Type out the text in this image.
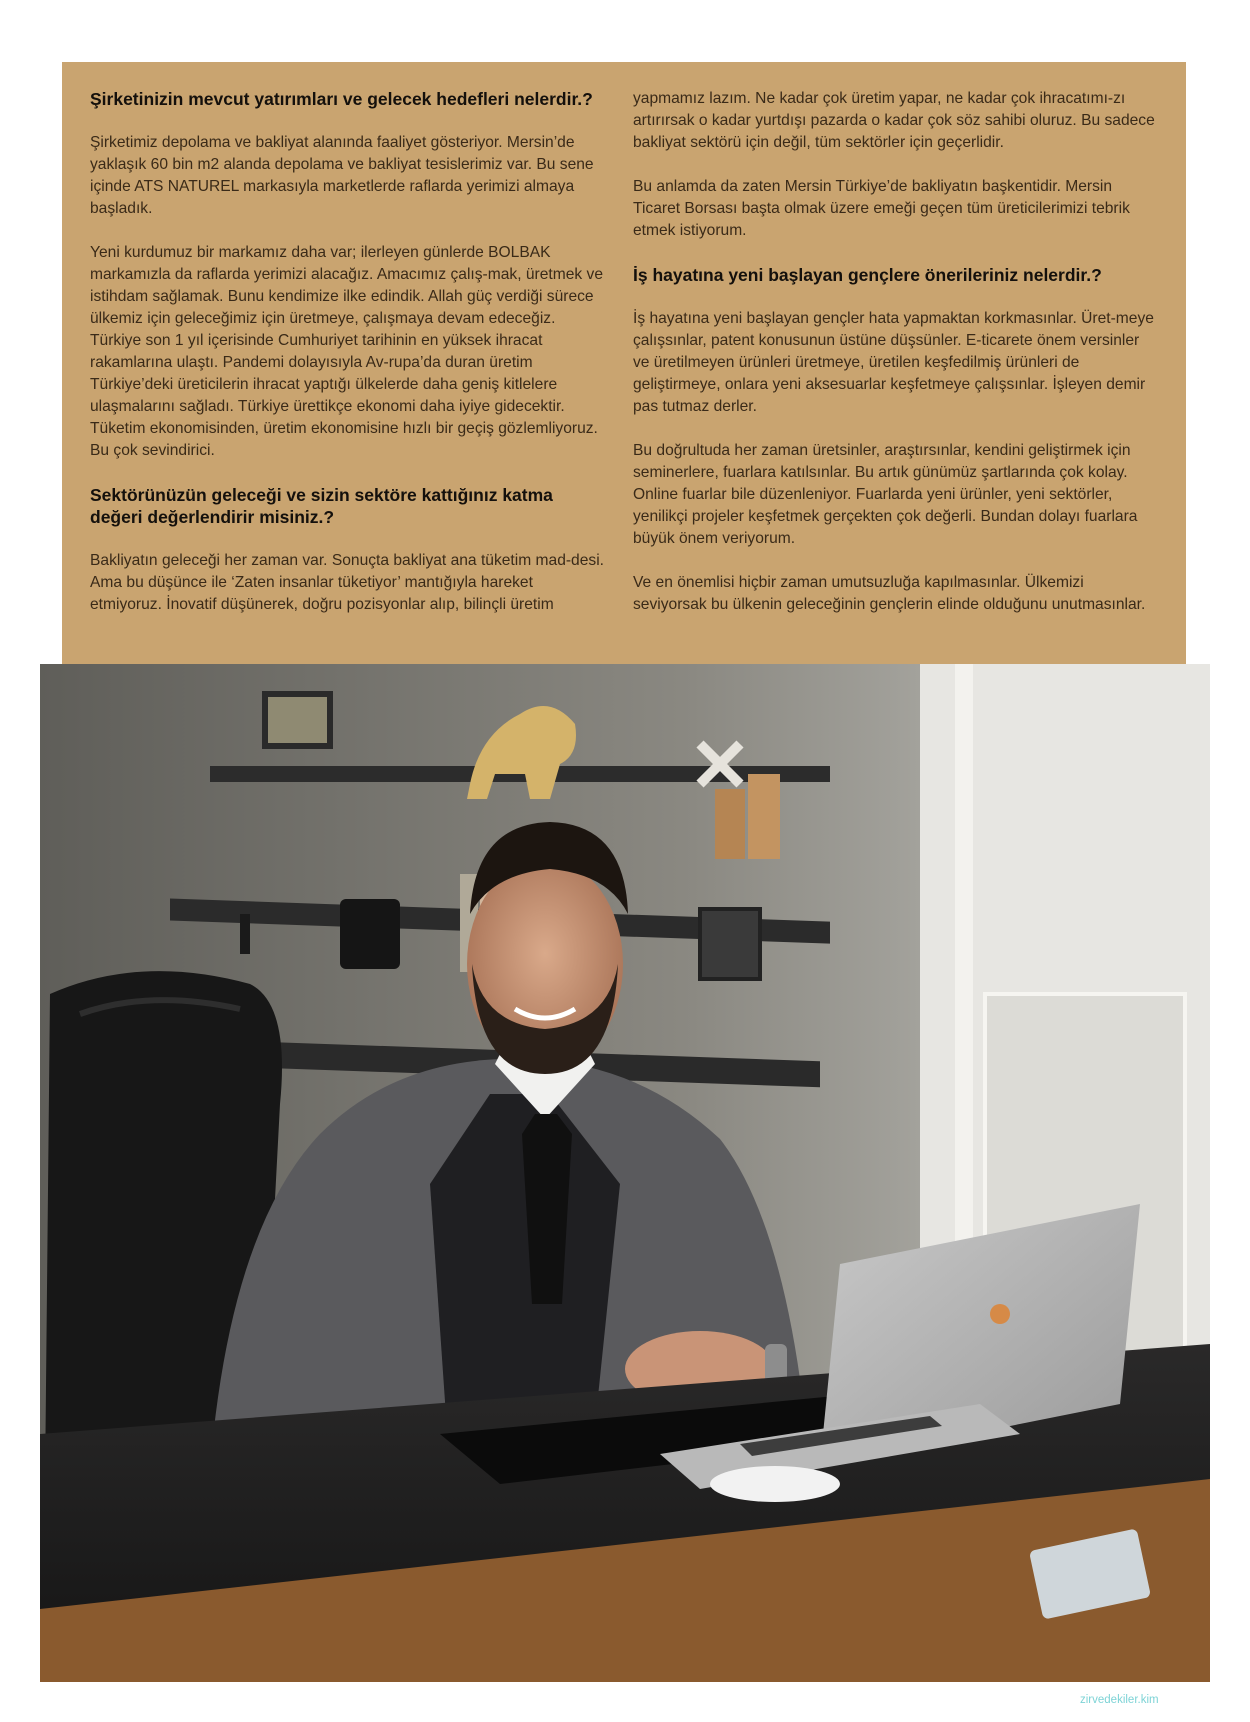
Şirketinizin mevcut yatırımları ve gelecek hedefleri nelerdir.?

Şirketimiz depolama ve bakliyat alanında faaliyet gösteriyor. Mersin’de yaklaşık 60 bin m2 alanda depolama ve bakliyat tesislerimiz var. Bu sene içinde ATS NATUREL markasıyla marketlerde raflarda yerimizi almaya başladık.

Yeni kurdumuz bir markamız daha var; ilerleyen günlerde BOLBAK markamızla da raflarda yerimizi alacağız. Amacımız çalış-mak, üretmek ve istihdam sağlamak. Bunu kendimize ilke edindik. Allah güç verdiği sürece ülkemiz için geleceğimiz için üretmeye, çalışmaya devam edeceğiz. Türkiye son 1 yıl içerisinde Cumhuriyet tarihinin en yüksek ihracat rakamlarına ulaştı. Pandemi dolayısıyla Av-rupa’da duran üretim Türkiye’deki üreticilerin ihracat yaptığı ülkelerde daha geniş kitlelere ulaşmalarını sağladı. Türkiye ürettikçe ekonomi daha iyiye gidecektir. Tüketim ekonomisinden, üretim ekonomisine hızlı bir geçiş gözlemliyoruz. Bu çok sevindirici.

Sektörünüzün geleceği ve sizin sektöre kattığınız katma değeri değerlendirir misiniz.?

Bakliyatın geleceği her zaman var. Sonuçta bakliyat ana tüketim mad-desi. Ama bu düşünce ile ‘Zaten insanlar tüketiyor’ mantığıyla hareket etmiyoruz. İnovatif düşünerek, doğru pozisyonlar alıp, bilinçli üretim

yapmamız lazım. Ne kadar çok üretim yapar, ne kadar çok ihracatımı-zı artırırsak o kadar yurtdışı pazarda o kadar çok söz sahibi oluruz. Bu sadece bakliyat sektörü için değil, tüm sektörler için geçerlidir.

Bu anlamda da zaten Mersin Türkiye’de bakliyatın başkentidir. Mersin Ticaret Borsası başta olmak üzere emeği geçen tüm üreticilerimizi tebrik etmek istiyorum.

İş hayatına yeni başlayan gençlere önerileriniz nelerdir.?

İş hayatına yeni başlayan gençler hata yapmaktan korkmasınlar. Üret-meye çalışsınlar, patent konusunun üstüne düşsünler. E-ticarete önem versinler ve üretilmeyen ürünleri üretmeye, üretilen keşfedilmiş ürünleri de geliştirmeye, onlara yeni aksesuarlar keşfetmeye çalışsınlar. İşleyen demir pas tutmaz derler.

Bu doğrultuda her zaman üretsinler, araştırsınlar, kendini geliştirmek için seminerlere, fuarlara katılsınlar. Bu artık günümüz şartlarında çok kolay. Online fuarlar bile düzenleniyor. Fuarlarda yeni ürünler, yeni sektörler, yenilikçi projeler keşfetmek gerçekten çok değerli. Bundan dolayı fuarlara büyük önem veriyorum.

Ve en önemlisi hiçbir zaman umutsuzluğa kapılmasınlar. Ülkemizi seviyorsak bu ülkenin geleceğinin gençlerin elinde olduğunu unutmasınlar.

zirvedekiler.kim | 52
